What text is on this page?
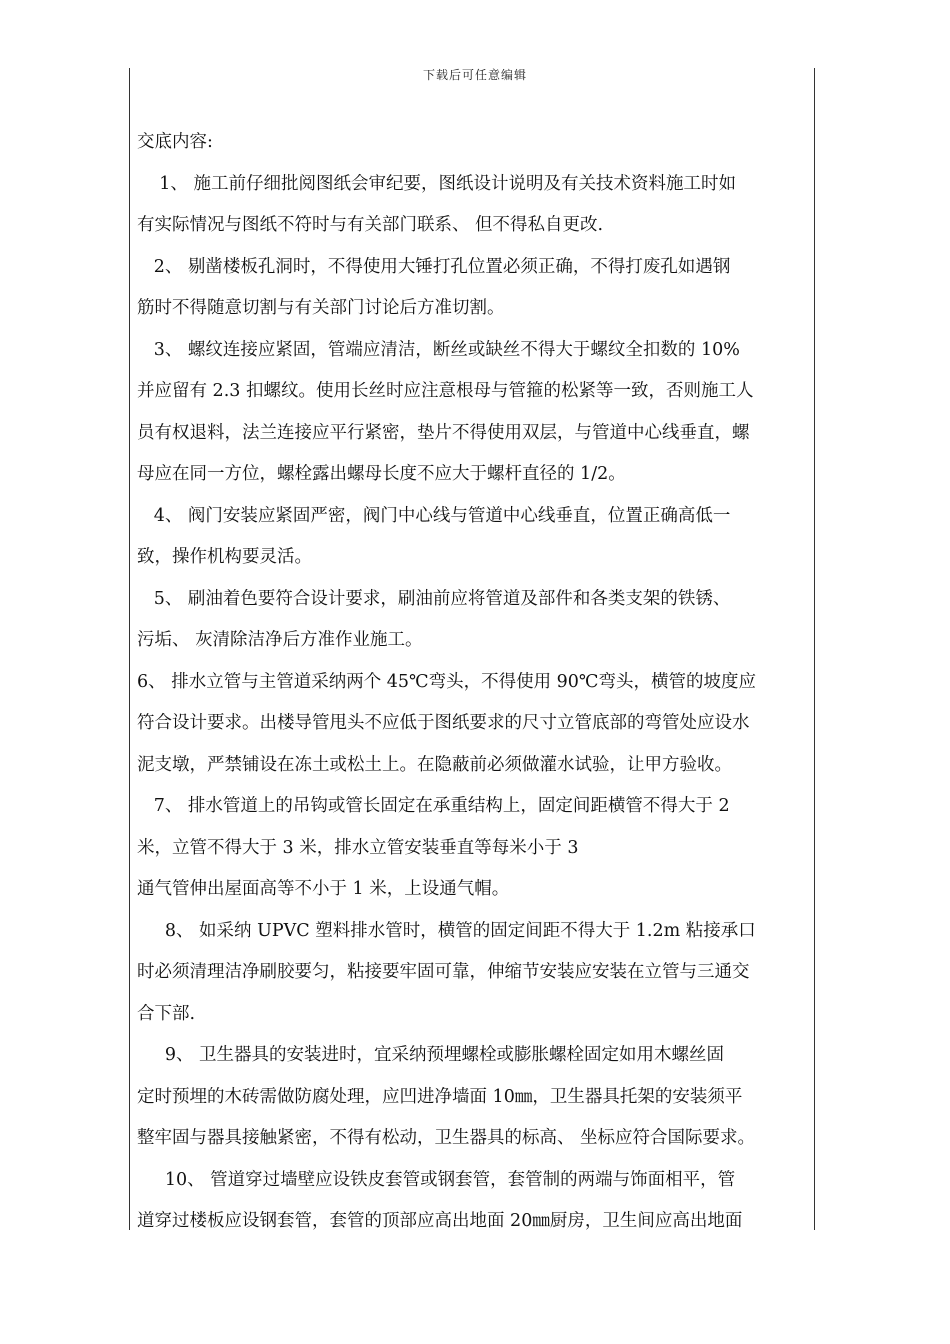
下载后可任意编辑

交底内容:

1、 施工前仔细批阅图纸会审纪要，图纸设计说明及有关技术资料施工时如

有实际情况与图纸不符时与有关部门联系、 但不得私自更改.

2、 剔凿楼板孔洞时，不得使用大锤打孔位置必须正确，不得打废孔如遇钢

筋时不得随意切割与有关部门讨论后方准切割。

3、 螺纹连接应紧固，管端应清洁，断丝或缺丝不得大于螺纹全扣数的 10%

并应留有 2.3 扣螺纹。使用长丝时应注意根母与管箍的松紧等一致，否则施工人

员有权退料，法兰连接应平行紧密，垫片不得使用双层，与管道中心线垂直，螺

母应在同一方位，螺栓露出螺母长度不应大于螺杆直径的 1/2。

4、 阀门安装应紧固严密，阀门中心线与管道中心线垂直，位置正确高低一

致，操作机构要灵活。

5、 刷油着色要符合设计要求，刷油前应将管道及部件和各类支架的铁锈、

污垢、 灰清除洁净后方准作业施工。

6、 排水立管与主管道采纳两个 45℃弯头，不得使用 90℃弯头，横管的坡度应

符合设计要求。出楼导管甩头不应低于图纸要求的尺寸立管底部的弯管处应设水

泥支墩，严禁铺设在冻土或松土上。在隐蔽前必须做灌水试验，让甲方验收。

7、 排水管道上的吊钩或管长固定在承重结构上，固定间距横管不得大于 2

米，立管不得大于 3 米，排水立管安装垂直等每米小于 3

通气管伸出屋面高等不小于 1 米，上设通气帽。

8、 如采纳 UPVC 塑料排水管时，横管的固定间距不得大于 1.2m 粘接承口

时必须清理洁净刷胶要匀，粘接要牢固可靠，伸缩节安装应安装在立管与三通交

合下部.

9、 卫生器具的安装进时，宜采纳预埋螺栓或膨胀螺栓固定如用木螺丝固

定时预埋的木砖需做防腐处理，应凹进净墙面 10㎜，卫生器具托架的安装须平

整牢固与器具接触紧密，不得有松动，卫生器具的标高、 坐标应符合国际要求。

10、 管道穿过墙壁应设铁皮套管或钢套管，套管制的两端与饰面相平，管

道穿过楼板应设钢套管，套管的顶部应高出地面 20㎜厨房，卫生间应高出地面
